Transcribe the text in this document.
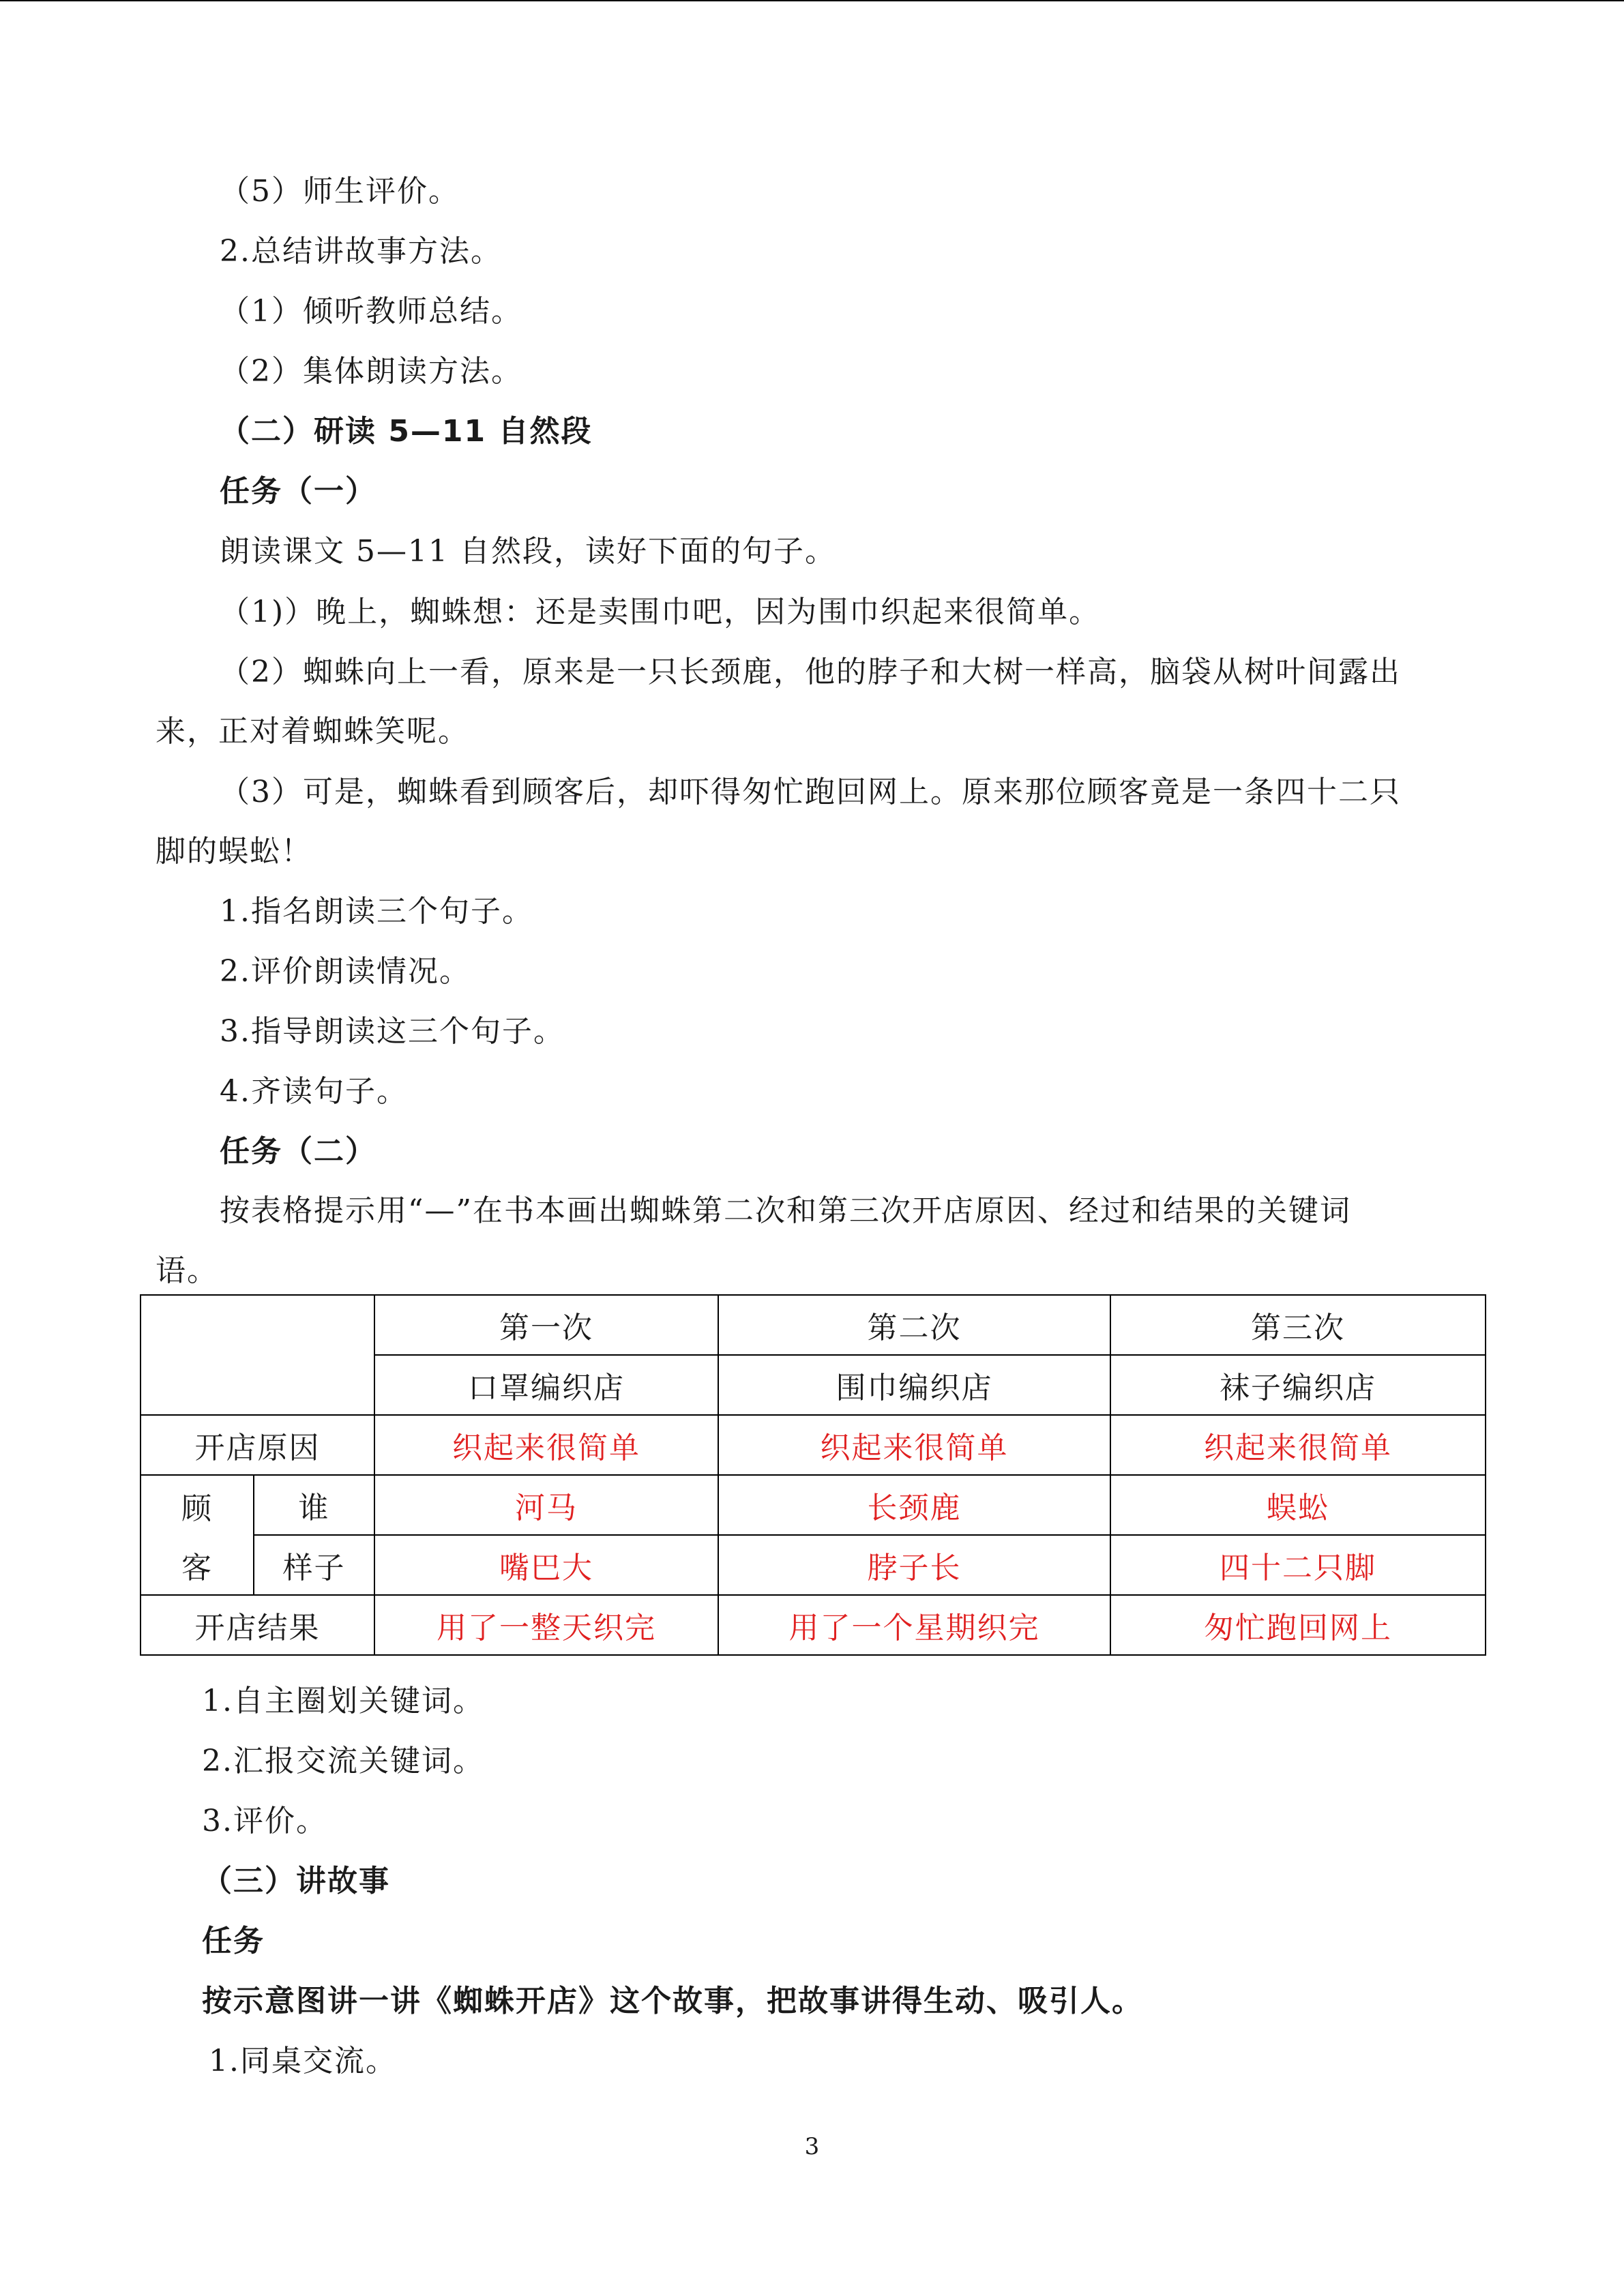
（5）师生评价。
2.总结讲故事方法。
（1）倾听教师总结。
（2）集体朗读方法。
（二）研读 5—11 自然段
任务（一）
朗读课文 5—11 自然段，读好下面的句子。
（1)）晚上，蜘蛛想：还是卖围巾吧，因为围巾织起来很简单。
（2）蜘蛛向上一看，原来是一只长颈鹿，他的脖子和大树一样高，脑袋从树叶间露出
来，正对着蜘蛛笑呢。
（3）可是，蜘蛛看到顾客后，却吓得匆忙跑回网上。原来那位顾客竟是一条四十二只
脚的蜈蚣！
1.指名朗读三个句子。
2.评价朗读情况。
3.指导朗读这三个句子。
4.齐读句子。
任务（二）
按表格提示用“—”在书本画出蜘蛛第二次和第三次开店原因、经过和结果的关键词
语。
		第一次	第二次	第三次
		口罩编织店	围巾编织店	袜子编织店
开店原因		织起来很简单	织起来很简单	织起来很简单
顾	谁	河马	长颈鹿	蜈蚣
客	样子	嘴巴大	脖子长	四十二只脚
开店结果		用了一整天织完	用了一个星期织完	匆忙跑回网上
1.自主圈划关键词。
2.汇报交流关键词。
3.评价。
（三）讲故事
任务
按示意图讲一讲《蜘蛛开店》这个故事，把故事讲得生动、吸引人。
1.同桌交流。
3
